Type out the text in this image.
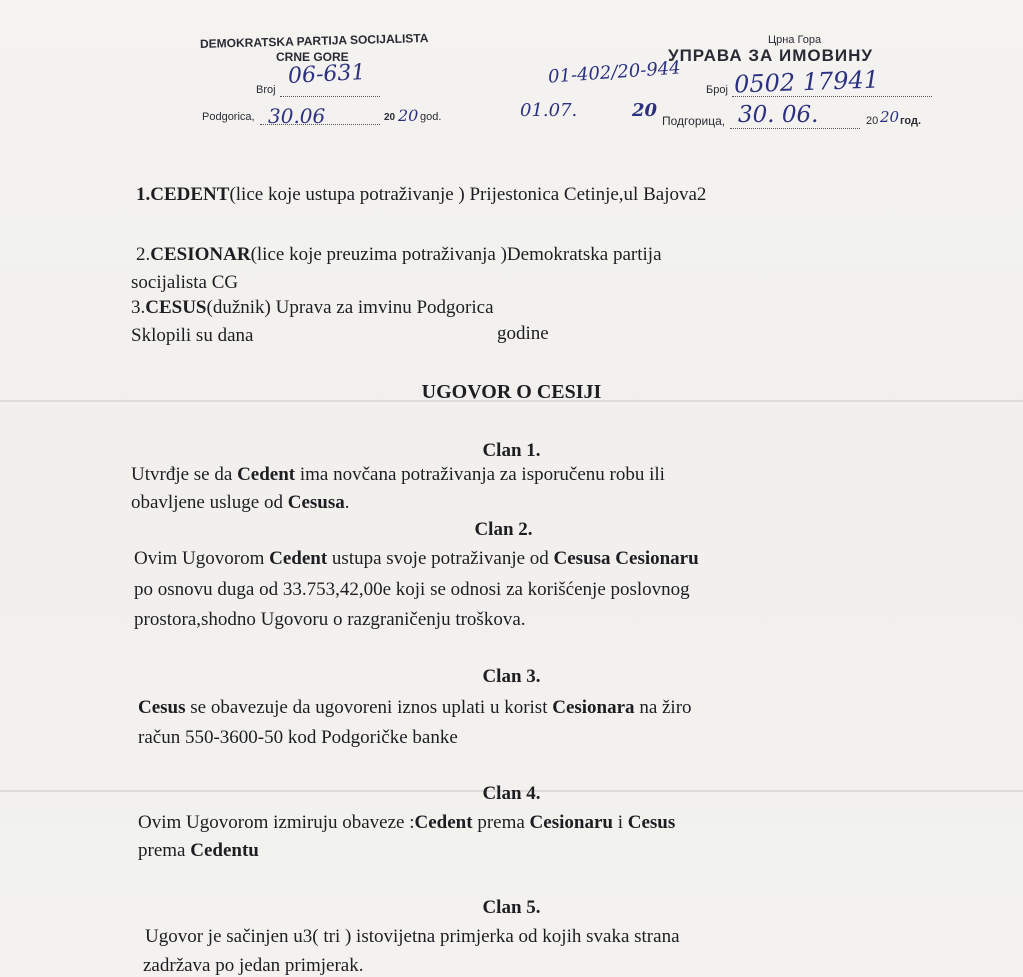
DEMOKRATSKA PARTIJA SOCIJALISTA
CRNE GORE
Broj
06-631
Podgorica, 30.06	20 20 god.
Црна Гора
УПРАВА ЗА ИМОВИНУ
01-402/20-944
01.07.	20
Број 0502 17941
Подгорица, 30. 06.	20 20 год.
1.CEDENT(lice koje ustupa potraživanje ) Prijestonica Cetinje,ul Bajova2
2.CESIONAR(lice koje preuzima potraživanja )Demokratska partija
socijalista CG
3.CESUS(dužnik) Uprava za imvinu Podgorica
Sklopili su dana	godine
UGOVOR O CESIJI
Clan 1.
Utvrđje se da Cedent ima novčana potraživanja za isporučenu robu ili
obavljene usluge od Cesusa.
Clan 2.
Ovim Ugovorom Cedent ustupa svoje potraživanje od Cesusa Cesionaru
po osnovu duga od 33.753,42,00e koji se odnosi za korišćenje poslovnog
prostora,shodno Ugovoru o razgraničenju troškova.
Clan 3.
Cesus se obavezuje da ugovoreni iznos uplati u korist Cesionara na žiro
račun 550-3600-50 kod Podgoričke banke
Clan 4.
Ovim Ugovorom izmiruju obaveze :Cedent prema Cesionaru i Cesus
prema Cedentu
Clan 5.
Ugovor je sačinjen u3( tri ) istovijetna primjerka od kojih svaka strana
zadržava po jedan primjerak.
